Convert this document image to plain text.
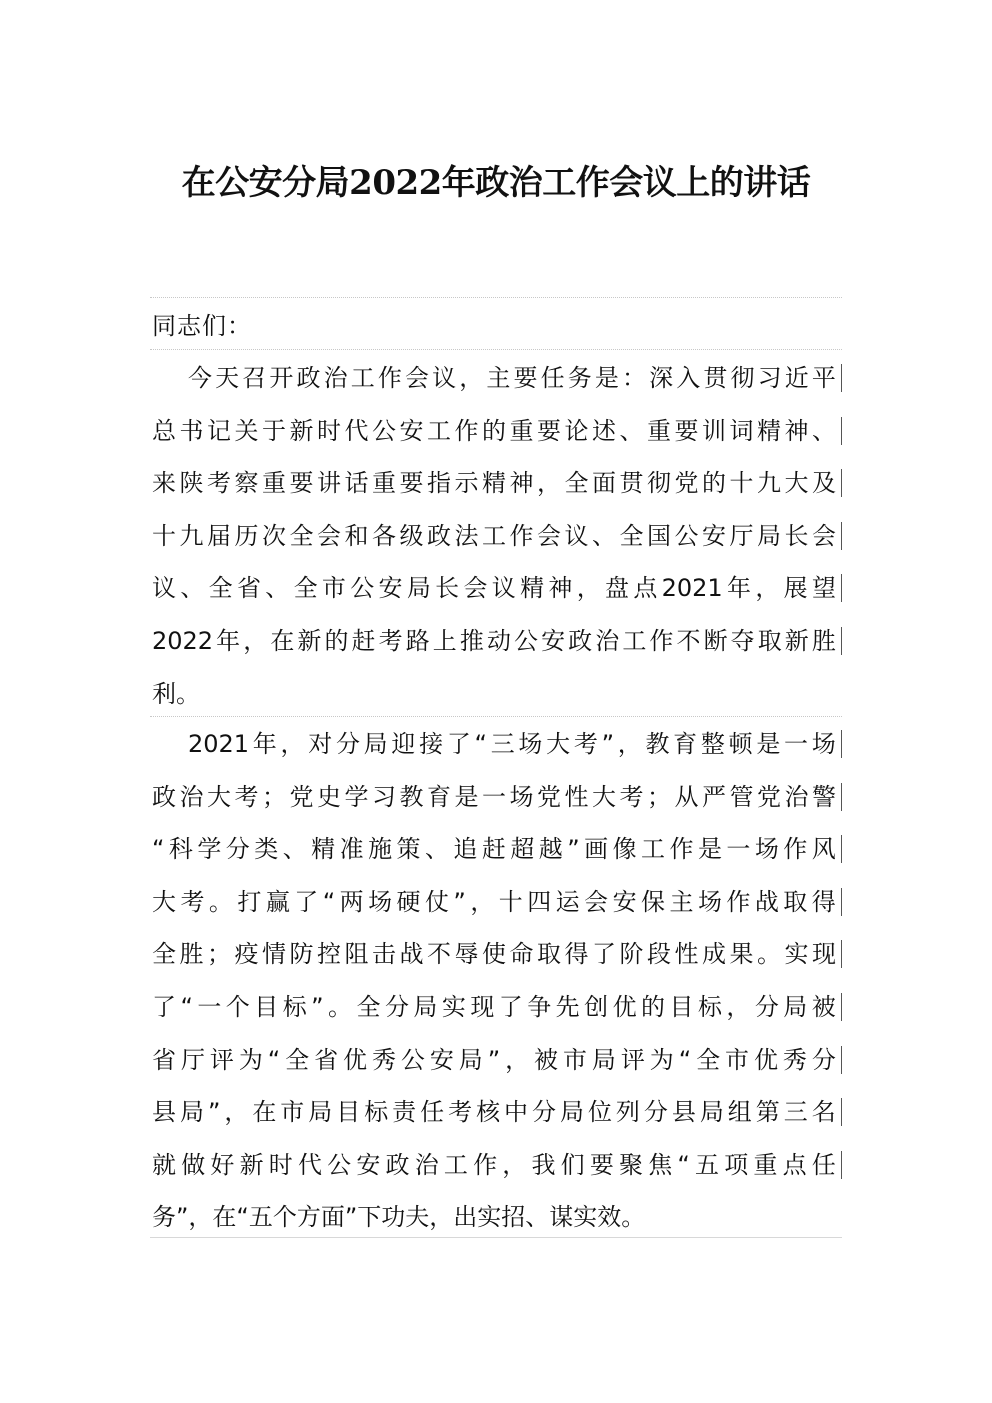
在公安分局2022年政治工作会议上的讲话

同志们：

今 天 召 开 政 治 工 作 会 议 ， 主 要 任 务 是 ： 深 入 贯 彻 习 近 平
总 书 记 关 于 新 时 代 公 安 工 作 的 重 要 论 述 、 重 要 训 词 精 神 、
来 陕 考 察 重 要 讲 话 重 要 指 示 精 神 ， 全 面 贯 彻 党 的 十 九 大 及
十 九 届 历 次 全 会 和 各 级 政 法 工 作 会 议 、 全 国 公 安 厅 局 长 会
议 、 全 省 、 全 市 公 安 局 长 会 议 精 神 ， 盘 点 2021 年 ， 展 望
2022 年 ， 在 新 的 赶 考 路 上 推 动 公 安 政 治 工 作 不 断 夺 取 新 胜
利。
2021 年 ， 对 分 局 迎 接 了 “ 三 场 大 考 ” ， 教 育 整 顿 是 一 场
政 治 大 考 ； 党 史 学 习 教 育 是 一 场 党 性 大 考 ； 从 严 管 党 治 警
“ 科 学 分 类 、 精 准 施 策 、 追 赶 超 越 ” 画 像 工 作 是 一 场 作 风
大 考 。 打 赢 了 “ 两 场 硬 仗 ” ， 十 四 运 会 安 保 主 场 作 战 取 得
全 胜 ； 疫 情 防 控 阻 击 战 不 辱 使 命 取 得 了 阶 段 性 成 果 。 实 现
了 “ 一 个 目 标 ” 。 全 分 局 实 现 了 争 先 创 优 的 目 标 ， 分 局 被
省 厅 评 为 “ 全 省 优 秀 公 安 局 ” ， 被 市 局 评 为 “ 全 市 优 秀 分
县 局 ” ， 在 市 局 目 标 责 任 考 核 中 分 局 位 列 分 县 局 组 第 三 名
就 做 好 新 时 代 公 安 政 治 工 作 ， 我 们 要 聚 焦 “ 五 项 重 点 任
务”，在“五个方面”下功夫，出实招、谋实效。
